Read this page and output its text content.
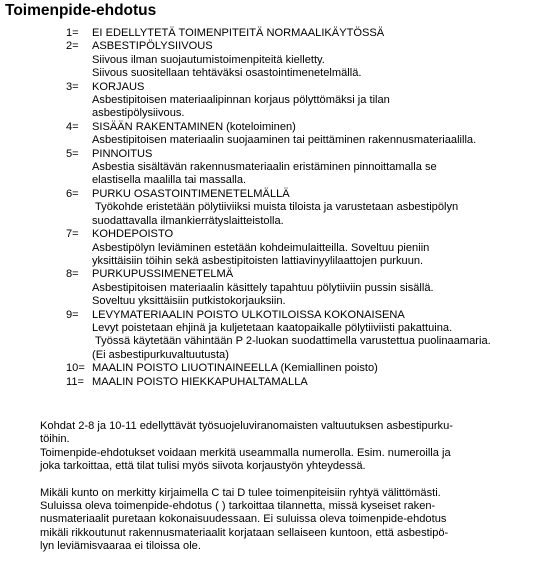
Toimenpide-ehdotus
1= EI EDELLYTETÄ TOIMENPITEITÄ NORMAALIKÄYTÖSSÄ
2= ASBESTIPÖLYSIIVOUS
Siivous ilman suojautumistoimenpiteitä kielletty.
Siivous suositellaan tehtäväksi osastointimenetelmällä.
3= KORJAUS
Asbestipitoisen materiaalipinnan korjaus pölyttömäksi ja tilan
asbestipölysiivous.
4= SISÄÄN RAKENTAMINEN (koteloiminen)
Asbestipitoisen materiaalin suojaaminen tai peittäminen rakennusmateriaalilla.
5= PINNOITUS
Asbestia sisältävän rakennusmateriaalin eristäminen pinnoittamalla se
elastisella maalilla tai massalla.
6= PURKU OSASTOINTIMENETELMÄLLÄ
Työkohde eristetään pölytiiviiksi muista tiloista ja varustetaan asbestipölyn
suodattavalla ilmankierrätyslaitteistolla.
7= KOHDEPOISTO
Asbestipölyn leviäminen estetään kohdeimulaitteilla. Soveltuu pieniin
yksittäisiin töihin sekä asbestipitoisten lattiavinyylilaattojen purkuun.
8= PURKUPUSSIMENETELMÄ
Asbestipitoisen materiaalin käsittely tapahtuu pölytiiviin pussin sisällä.
Soveltuu yksittäisiin putkistokorjauksiin.
9= LEVYMATERIAALIN POISTO ULKOTILOISSA KOKONAISENA
Levyt poistetaan ehjinä ja kuljetetaan kaatopaikalle pölytiiviisti pakattuina.
Työssä käytetään vähintään P 2-luokan suodattimella varustettua puolinaamaria.
(Ei asbestipurkuvaltuutusta)
10= MAALIN POISTO LIUOTINAINEELLA (Kemiallinen poisto)
11= MAALIN POISTO HIEKKAPUHALTAMALLA

Kohdat 2-8 ja 10-11 edellyttävät työsuojeluviranomaisten valtuutuksen asbestipurku-

töihin.

Toimenpide-ehdotukset voidaan merkitä useammalla numerolla. Esim. numeroilla ja

joka tarkoittaa, että tilat tulisi myös siivota korjaustyön yhteydessä.

Mikäli kunto on merkitty kirjaimella C tai D tulee toimenpiteisiin ryhtyä välittömästi.

Suluissa oleva toimenpide-ehdotus ( ) tarkoittaa tilannetta, missä kyseiset raken-

nusmateriaalit puretaan kokonaisuudessaan. Ei suluissa oleva toimenpide-ehdotus

mikäli rikkoutunut rakennusmateriaalit korjataan sellaiseen kuntoon, että asbestipö-

lyn leviämisvaaraa ei tiloissa ole.
